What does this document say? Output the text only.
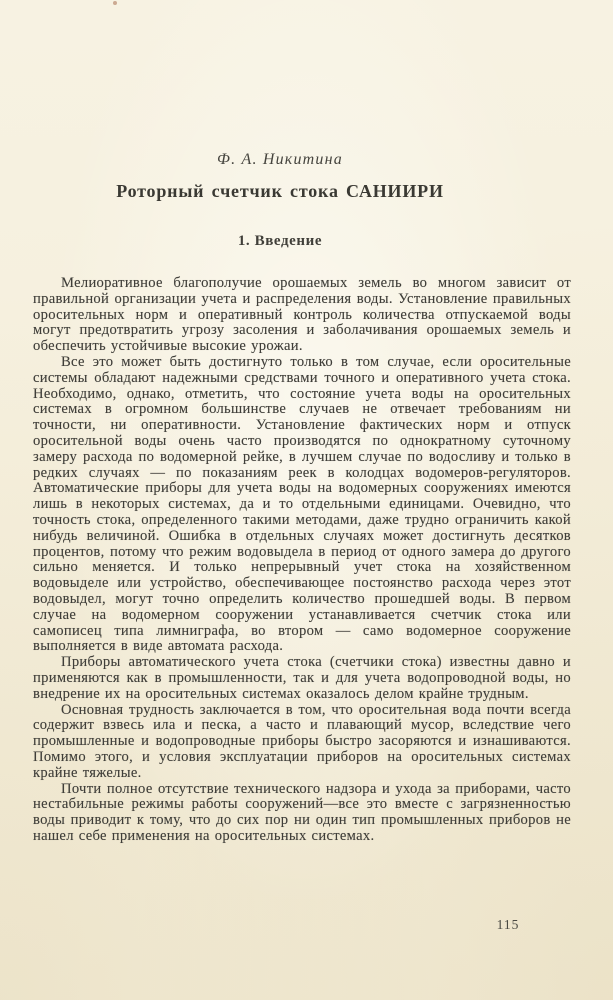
Ф. А. Никитина
Роторный счетчик стока САНИИРИ
1. Введение

Мелиоративное благополучие орошаемых земель во многом зависит от правильной организации учета и распределения воды. Установление правильных оросительных норм и оперативный контроль количества отпускаемой воды могут предотвратить угрозу засоления и заболачивания орошаемых земель и обеспечить устойчивые высокие урожаи.

Все это может быть достигнуто только в том случае, если оросительные системы обладают надежными средствами точного и оперативного учета стока. Необходимо, однако, отметить, что состояние учета воды на оросительных системах в огромном большинстве случаев не отвечает требованиям ни точности, ни оперативности. Установление фактических норм и отпуск оросительной воды очень часто производятся по однократному суточному замеру расхода по водомерной рейке, в лучшем случае по водосливу и только в редких случаях — по показаниям реек в колодцах водомеров-регуляторов. Автоматические приборы для учета воды на водомерных сооружениях имеются лишь в некоторых системах, да и то отдельными единицами. Очевидно, что точность стока, определенного такими методами, даже трудно ограничить какой нибудь величиной. Ошибка в отдельных случаях может достигнуть десятков процентов, потому что режим водовыдела в период от одного замера до другого сильно меняется. И только непрерывный учет стока на хозяйственном водовыделе или устройство, обеспечивающее постоянство расхода через этот водовыдел, могут точно определить количество прошедшей воды. В первом случае на водомерном сооружении устанавливается счетчик стока или самописец типа лимниграфа, во втором — само водомерное сооружение выполняется в виде автомата расхода.

Приборы автоматического учета стока (счетчики стока) известны давно и применяются как в промышленности, так и для учета водопроводной воды, но внедрение их на оросительных системах оказалось делом крайне трудным.

Основная трудность заключается в том, что оросительная вода почти всегда содержит взвесь ила и песка, а часто и плавающий мусор, вследствие чего промышленные и водопроводные приборы быстро засоряются и изнашиваются. Помимо этого, и условия эксплуатации приборов на оросительных системах крайне тяжелые.

Почти полное отсутствие технического надзора и ухода за приборами, часто нестабильные режимы работы сооружений—все это вместе с загрязненностью воды приводит к тому, что до сих пор ни один тип промышленных приборов не нашел себе применения на оросительных системах.

115
